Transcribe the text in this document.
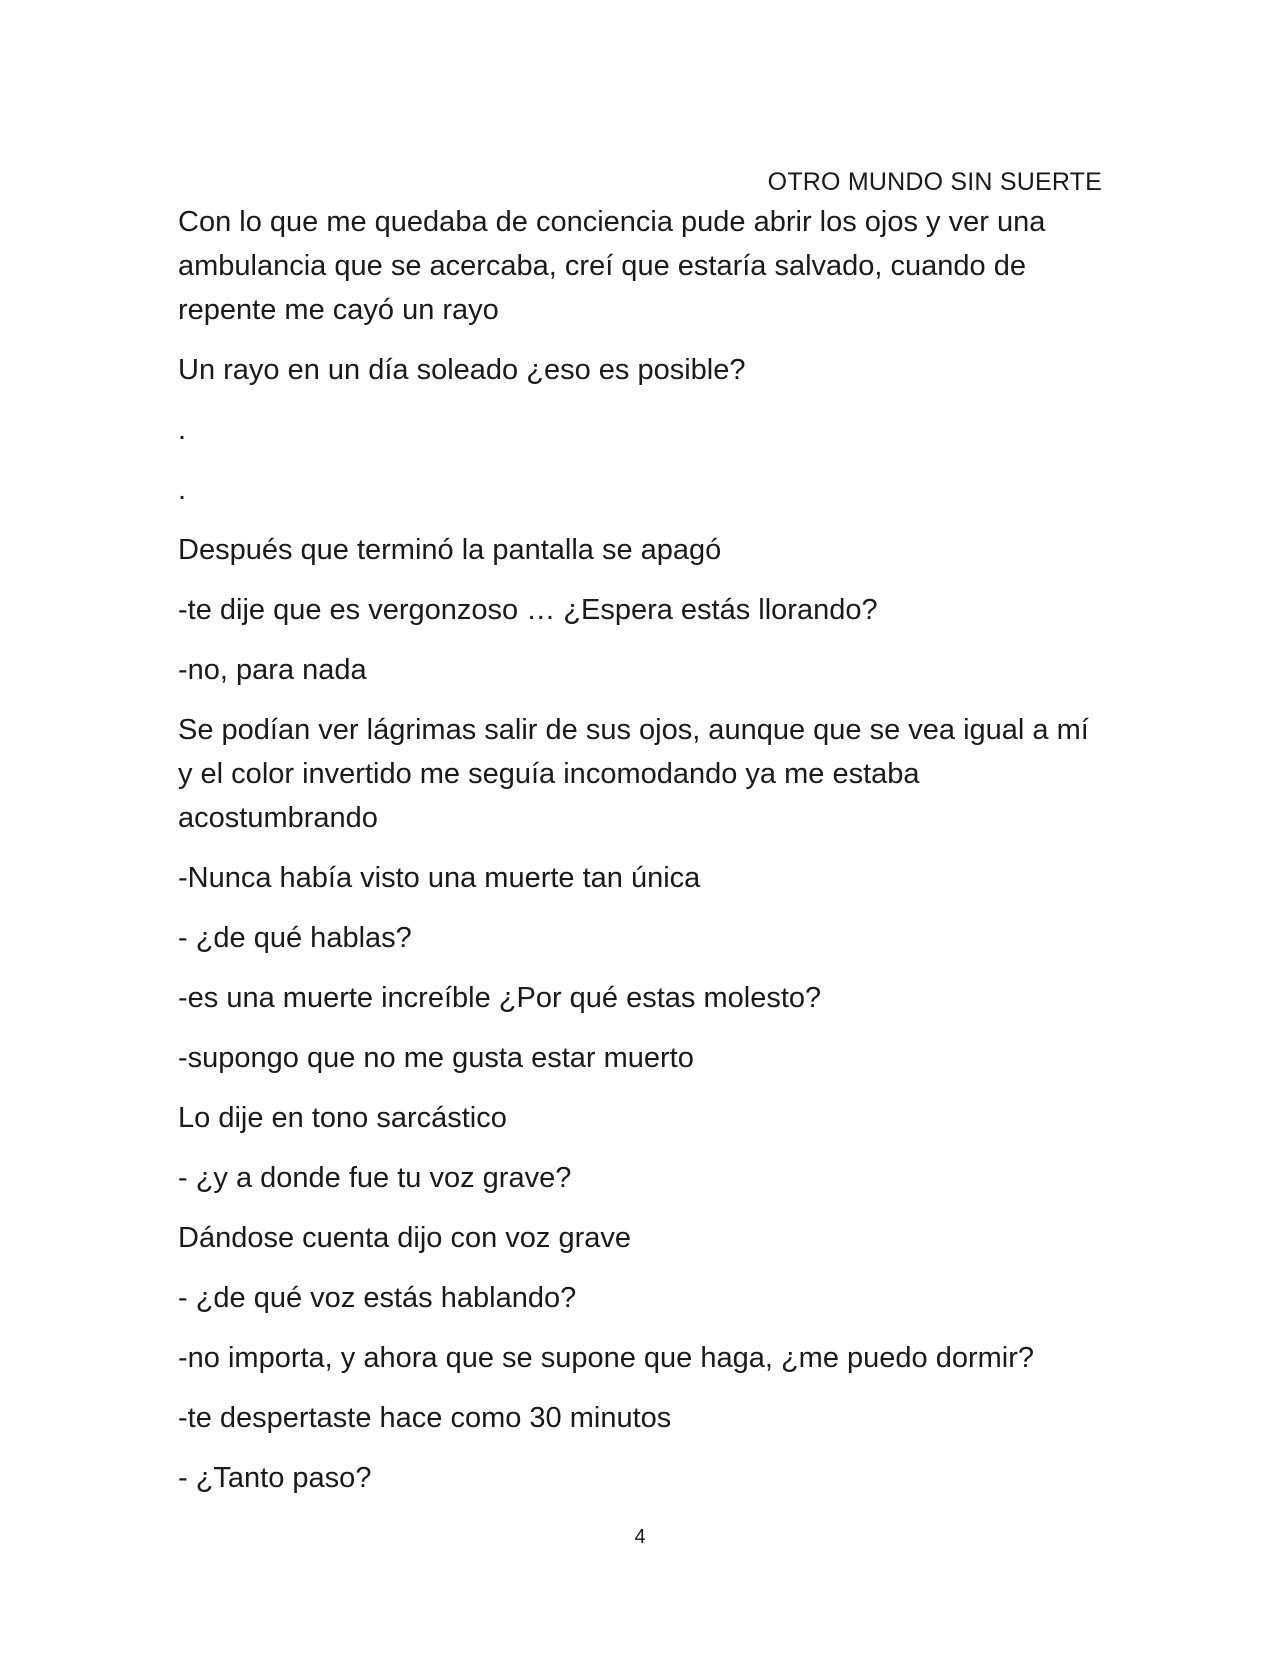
OTRO MUNDO SIN SUERTE

Con lo que me quedaba de conciencia pude abrir los ojos y ver una ambulancia que se acercaba, creí que estaría salvado, cuando de repente me cayó un rayo

Un rayo en un día soleado ¿eso es posible?

.

.

Después que terminó la pantalla se apagó

-te dije que es vergonzoso … ¿Espera estás llorando?

-no, para nada

Se podían ver lágrimas salir de sus ojos, aunque que se vea igual a mí y el color invertido me seguía incomodando ya me estaba acostumbrando

-Nunca había visto una muerte tan única

- ¿de qué hablas?

-es una muerte increíble ¿Por qué estas molesto?

-supongo que no me gusta estar muerto

Lo dije en tono sarcástico

- ¿y a donde fue tu voz grave?

Dándose cuenta dijo con voz grave

- ¿de qué voz estás hablando?

-no importa, y ahora que se supone que haga, ¿me puedo dormir?

-te despertaste hace como 30 minutos

- ¿Tanto paso?

4
